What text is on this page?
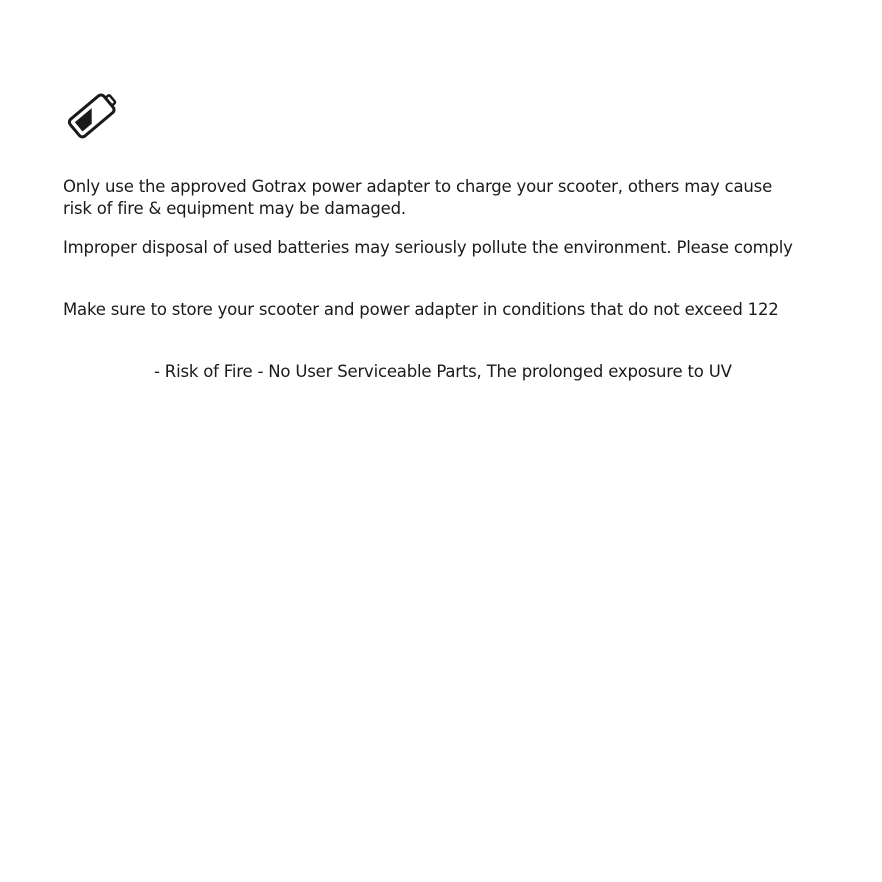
Only use the approved Gotrax power adapter to charge your scooter, others may cause
risk of fire & equipment may be damaged.

Improper disposal of used batteries may seriously pollute the environment. Please comply

Make sure to store your scooter and power adapter in conditions that do not exceed 122

- Risk of Fire - No User Serviceable Parts, The prolonged exposure to UV
